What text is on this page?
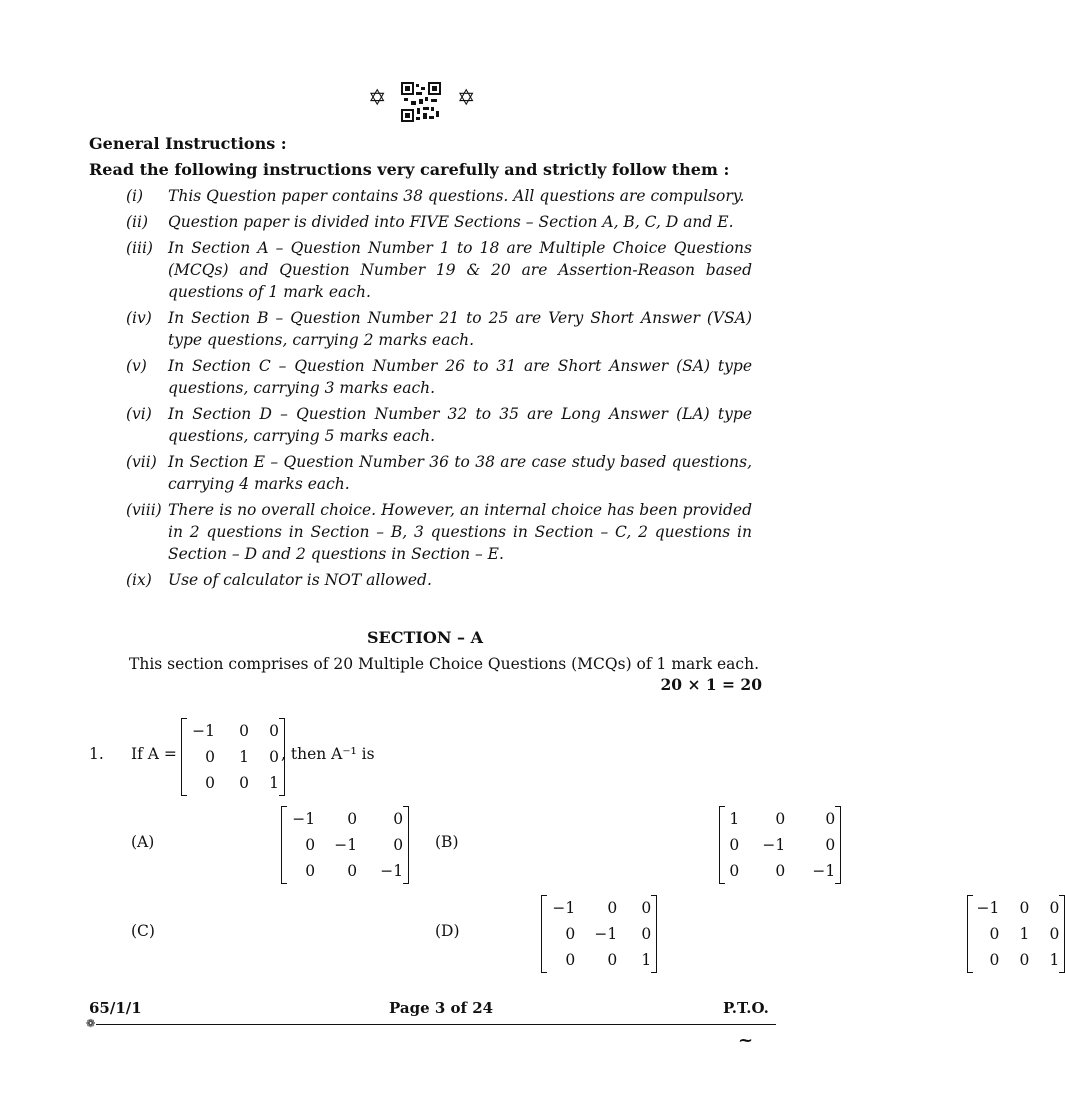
✡	✡
General Instructions :
Read the following instructions very carefully and strictly follow them :
(i)	This Question paper contains 38 questions. All questions are compulsory.
(ii)	Question paper is divided into FIVE Sections – Section A, B, C, D and E.
(iii) In Section A – Question Number 1 to 18 are Multiple Choice Questions (MCQs) and Question Number 19 & 20 are Assertion-Reason based questions of 1 mark each.
(iv)	In Section B – Question Number 21 to 25 are Very Short Answer (VSA) type questions, carrying 2 marks each.
(v)	In Section C – Question Number 26 to 31 are Short Answer (SA) type questions, carrying 3 marks each.
(vi)	In Section D – Question Number 32 to 35 are Long Answer (LA) type questions, carrying 5 marks each.
(vii) In Section E – Question Number 36 to 38 are case study based questions, carrying 4 marks each.
(viii) There is no overall choice. However, an internal choice has been provided in 2 questions in Section – B, 3 questions in Section – C, 2 questions in Section – D and 2 questions in Section – E.
(ix)	Use of calculator is NOT allowed.
SECTION – A
This section comprises of 20 Multiple Choice Questions (MCQs) of 1 mark each.
20 × 1 = 20
1. If A =
−1	0	0
0	1	0
0	0	1

, then A⁻¹ is
(A)
−1	0	0
0	−1	0
0	0	−1

(B)
1	0	0
0	−1	0
0	0	−1

(C)
−1	0	0
0	−1	0
0	0	1

(D)
−1	0	0
0	1	0
0	0	1
65/1/1	Page 3 of 24	P.T.O.
❁
~
